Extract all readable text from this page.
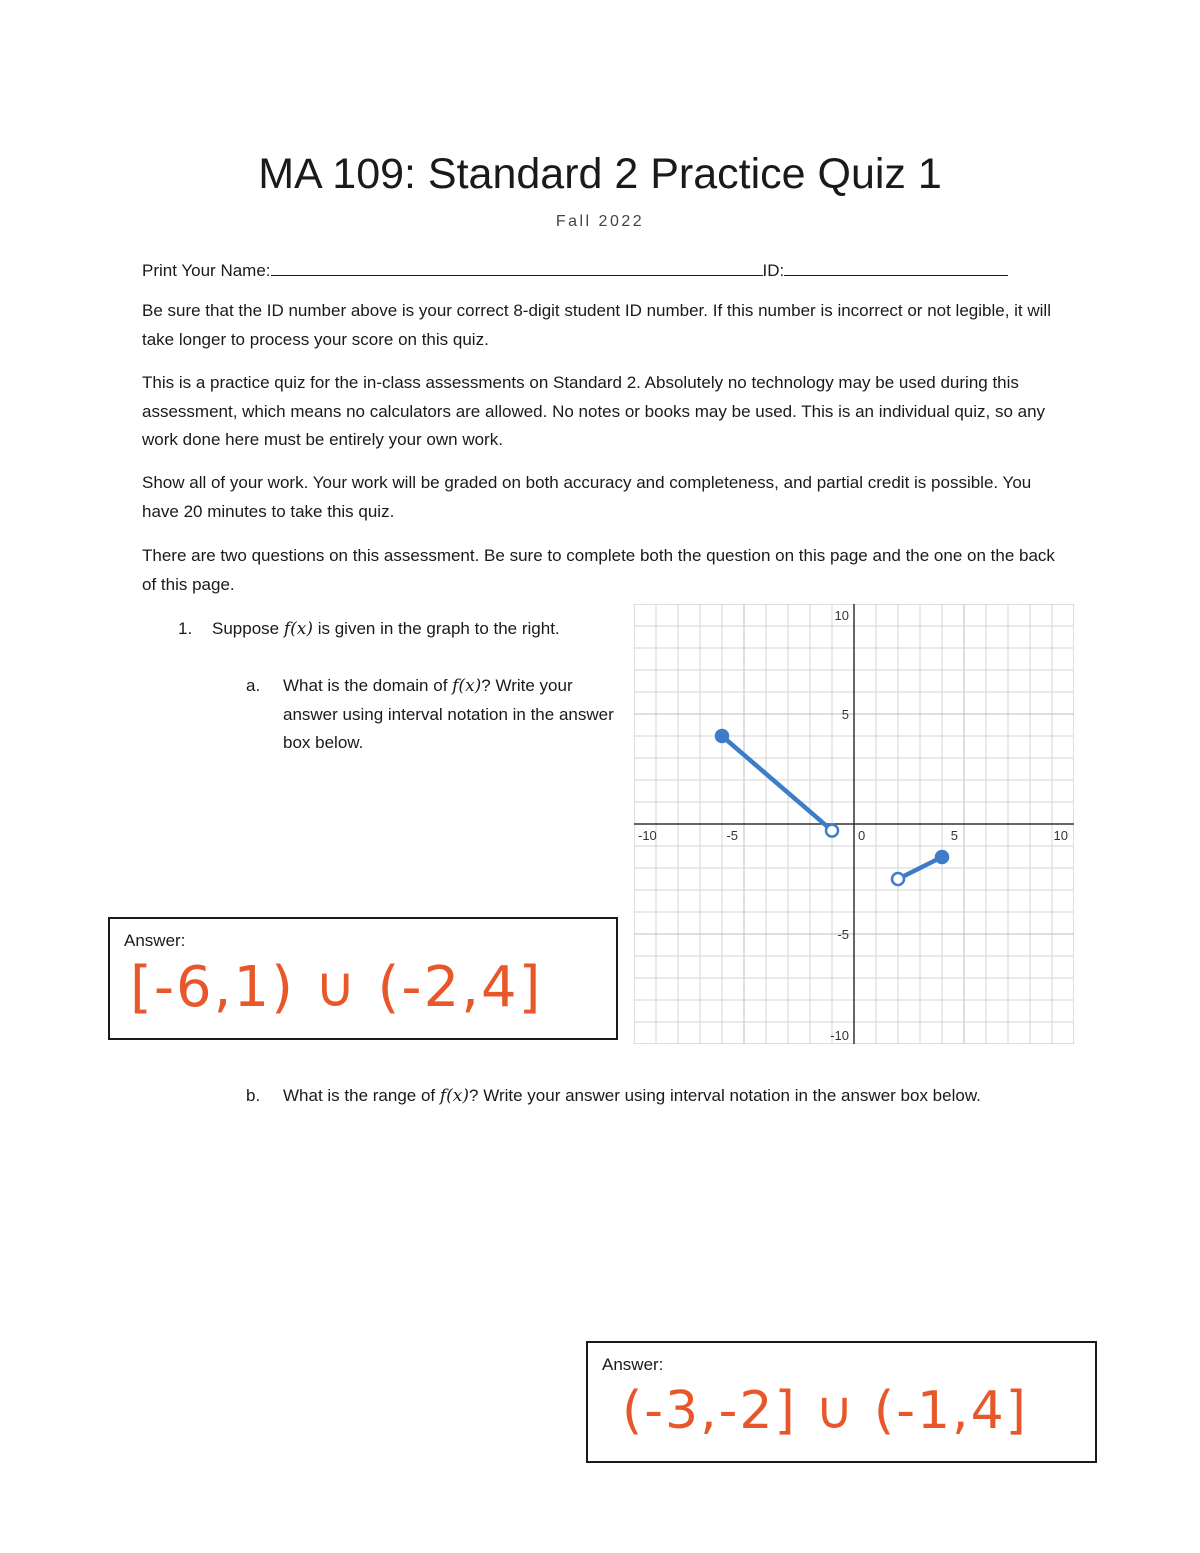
MA 109: Standard 2 Practice Quiz 1
Fall 2022
Print Your Name:	ID:
Be sure that the ID number above is your correct 8-digit student ID number. If this number is incorrect or not legible, it will take longer to process your score on this quiz.
This is a practice quiz for the in-class assessments on Standard 2. Absolutely no technology may be used during this assessment, which means no calculators are allowed. No notes or books may be used. This is an individual quiz, so any work done here must be entirely your own work.
Show all of your work. Your work will be graded on both accuracy and completeness, and partial credit is possible. You have 20 minutes to take this quiz.
There are two questions on this assessment. Be sure to complete both the question on this page and the one on the back of this page.
1. Suppose f(x) is given in the graph to the right.
a. What is the domain of f(x)? Write your answer using interval notation in the answer box below.
-10	-5	0	5	10
10
5
-5
-10
Answer:
[-6,1) ∪ (-2,4]
b. What is the range of f(x)? Write your answer using interval notation in the answer box below.
Answer:
(-3,-2] ∪ (-1,4]
